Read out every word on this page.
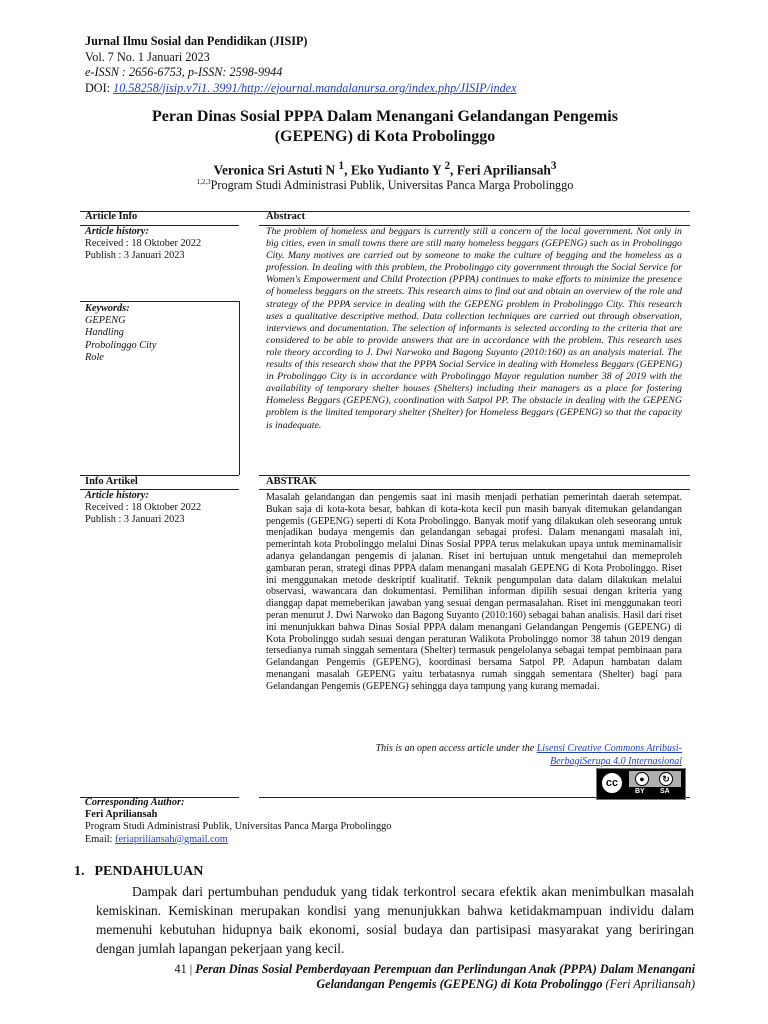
Jurnal Ilmu Sosial dan Pendidikan (JISIP)
Vol. 7 No. 1 Januari 2023
e-ISSN : 2656-6753, p-ISSN: 2598-9944
DOI: 10.58258/jisip.v7i1. 3991/http://ejournal.mandalanursa.org/index.php/JISIP/index
Peran Dinas Sosial PPPA Dalam Menangani Gelandangan Pengemis
(GEPENG) di Kota Probolinggo
Veronica Sri Astuti N $^1$, Eko Yudianto Y $^2$, Feri Apriliansah$^3$
$^{1,2,3}$Program Studi Administrasi Publik, Universitas Panca Marga Probolinggo
Article Info
Article history:
Received : 18 Oktober 2022
Publish : 3 Januari 2023
Keywords:
GEPENG
Handling
Probolinggo City
Role
Abstract
The problem of homeless and beggars is currently still a concern of the local government. Not only in big cities, even in small towns there are still many homeless beggars (GEPENG) such as in Probolinggo City. Many motives are carried out by someone to make the culture of begging and the homeless as a profession. In dealing with this problem, the Probolinggo city government through the Social Service for Women's Empowerment and Child Protection (PPPA) continues to make efforts to minimize the presence of homeless beggars on the streets. This research aims to find out and obtain an overview of the role and strategy of the PPPA service in dealing with the GEPENG problem in Probolinggo City. This research uses a qualitative descriptive method. Data collection techniques are carried out through observation, interviews and documentation. The selection of informants is selected according to the criteria that are considered to be able to provide answers that are in accordance with the problem. This research uses role theory according to J. Dwi Narwoko and Bagong Suyanto (2010:160) as an analysis material. The results of this research show that the PPPA Social Service in dealing with Homeless Beggars (GEPENG) in Probolinggo City is in accordance with Probolinggo Mayor regulation number 38 of 2019 with the availability of temporary shelter houses (Shelters) including their managers as a place for fostering Homeless Beggars (GEPENG), coordination with Satpol PP. The obstacle in dealing with the GEPENG problem is the limited temporary shelter (Shelter) for Homeless Beggars (GEPENG) so that the capacity is inadequate.
Info Artikel
Article history:
Received : 18 Oktober 2022
Publish : 3 Januari 2023
ABSTRAK
Masalah gelandangan dan pengemis saat ini masih menjadi perhatian pemerintah daerah setempat. Bukan saja di kota-kota besar, bahkan di kota-kota kecil pun masih banyak ditemukan gelandangan pengemis (GEPENG) seperti di Kota Probolinggo. Banyak motif yang dilakukan oleh seseorang untuk menjadikan budaya mengemis dan gelandangan sebagai profesi. Dalam menangani masalah ini, pemerintah kota Probolinggo melalui Dinas Sosial PPPA terus melakukan upaya untuk meminamalisir adanya gelandangan pengemis di jalanan. Riset ini bertujuan untuk mengetahui dan memeproleh gambaran peran, strategi dinas PPPA dalam menangani masalah GEPENG di Kota Probolinggo. Riset ini menggunakan metode deskriptif kualitatif. Teknik pengumpulan data dalam dilakukan melalui observasi, wawancara dan dokumentasi. Pemilihan informan dipilih sesuai dengan kriteria yang dianggap dapat memeberikan jawaban yang sesuai dengan permasalahan. Riset ini menggunakan teori peran menurut J. Dwi Narwoko dan Bagong Suyanto (2010:160) sebagai bahan analisis. Hasil dari riset ini menunjukkan bahwa Dinas Sosial PPPA dalam menangani Gelandangan Pengemis (GEPENG) di Kota Probolinggo sudah sesuai dengan peraturan Walikota Probolinggo nomor 38 tahun 2019 dengan tersedianya rumah singgah sementara (Shelter) termasuk pengelolanya sebagai tempat pembinaan para Gelandangan Pengemis (GEPENG), koordinasi bersama Satpol PP. Adapun hambatan dalam menangani masalah GEPENG yaitu terbatasnya rumah singgah sementara (Shelter) bagi para Gelandangan Pengemis (GEPENG) sehingga daya tampung yang kurang memadai.
This is an open access article under the Lisensi Creative Commons Atribusi-
BerbagiSerupa 4.0 Internasional
cc	●	↻
BY SA
Corresponding Author:
Feri Apriliansah
Program Studi Administrasi Publik, Universitas Panca Marga Probolinggo
Email: feriapriliansah@gmail.com
1. PENDAHULUAN
Dampak dari pertumbuhan penduduk yang tidak terkontrol secara efektik akan menimbulkan masalah kemiskinan. Kemiskinan merupakan kondisi yang menunjukkan bahwa ketidakmampuan individu dalam memenuhi kebutuhan hidupnya baik ekonomi, sosial budaya dan partisipasi masyarakat yang beriringan dengan jumlah lapangan pekerjaan yang kecil.
41 | Peran Dinas Sosial Pemberdayaan Perempuan dan Perlindungan Anak (PPPA) Dalam Menangani
Gelandangan Pengemis (GEPENG) di Kota Probolinggo (Feri Apriliansah)
